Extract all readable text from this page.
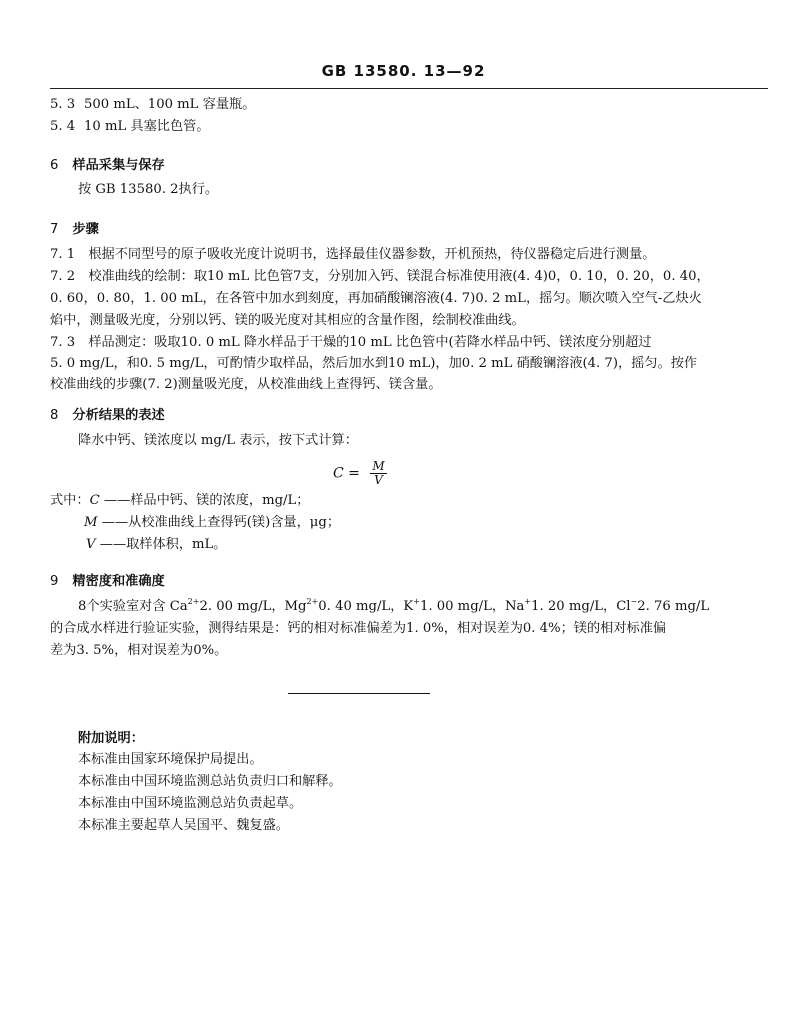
GB 13580. 13—92
5. 3 500 mL、100 mL 容量瓶。
5. 4 10 mL 具塞比色管。
6 样品采集与保存
按 GB 13580. 2执行。
7 步骤
7. 1　根据不同型号的原子吸收光度计说明书，选择最佳仪器参数，开机预热，待仪器稳定后进行测量。
7. 2　校准曲线的绘制：取10 mL 比色管7支，分别加入钙、镁混合标准使用液(4. 4)0，0. 10，0. 20，0. 40，
0. 60，0. 80，1. 00 mL，在各管中加水到刻度，再加硝酸镧溶液(4. 7)0. 2 mL，摇匀。顺次喷入空气-乙炔火
焰中，测量吸光度，分别以钙、镁的吸光度对其相应的含量作图，绘制校准曲线。
7. 3　样品测定：吸取10. 0 mL 降水样品于干燥的10 mL 比色管中(若降水样品中钙、镁浓度分别超过
5. 0 mg/L，和0. 5 mg/L，可酌情少取样品，然后加水到10 mL)，加0. 2 mL 硝酸镧溶液(4. 7)，摇匀。按作
校准曲线的步骤(7. 2)测量吸光度，从校准曲线上查得钙、镁含量。
8 分析结果的表述
降水中钙、镁浓度以 mg/L 表示，按下式计算：
$C = \frac{M}{V}$
式中：C ——样品中钙、镁的浓度，mg/L；
M ——从校准曲线上查得钙(镁)含量，μg；
V ——取样体积，mL。
9 精密度和准确度
8个实验室对含 $Ca^{2+}2$. 00 mg/L，$Mg^{2+}0$. 40 mg/L，K+1. 00 mg/L，Na+1. 20 mg/L，Cl−2. 76 mg/L
的合成水样进行验证实验，测得结果是：钙的相对标准偏差为1. 0%，相对误差为0. 4%；镁的相对标准偏
差为3. 5%，相对误差为0%。
附加说明：
本标准由国家环境保护局提出。
本标准由中国环境监测总站负责归口和解释。
本标准由中国环境监测总站负责起草。
本标准主要起草人吴国平、魏复盛。
